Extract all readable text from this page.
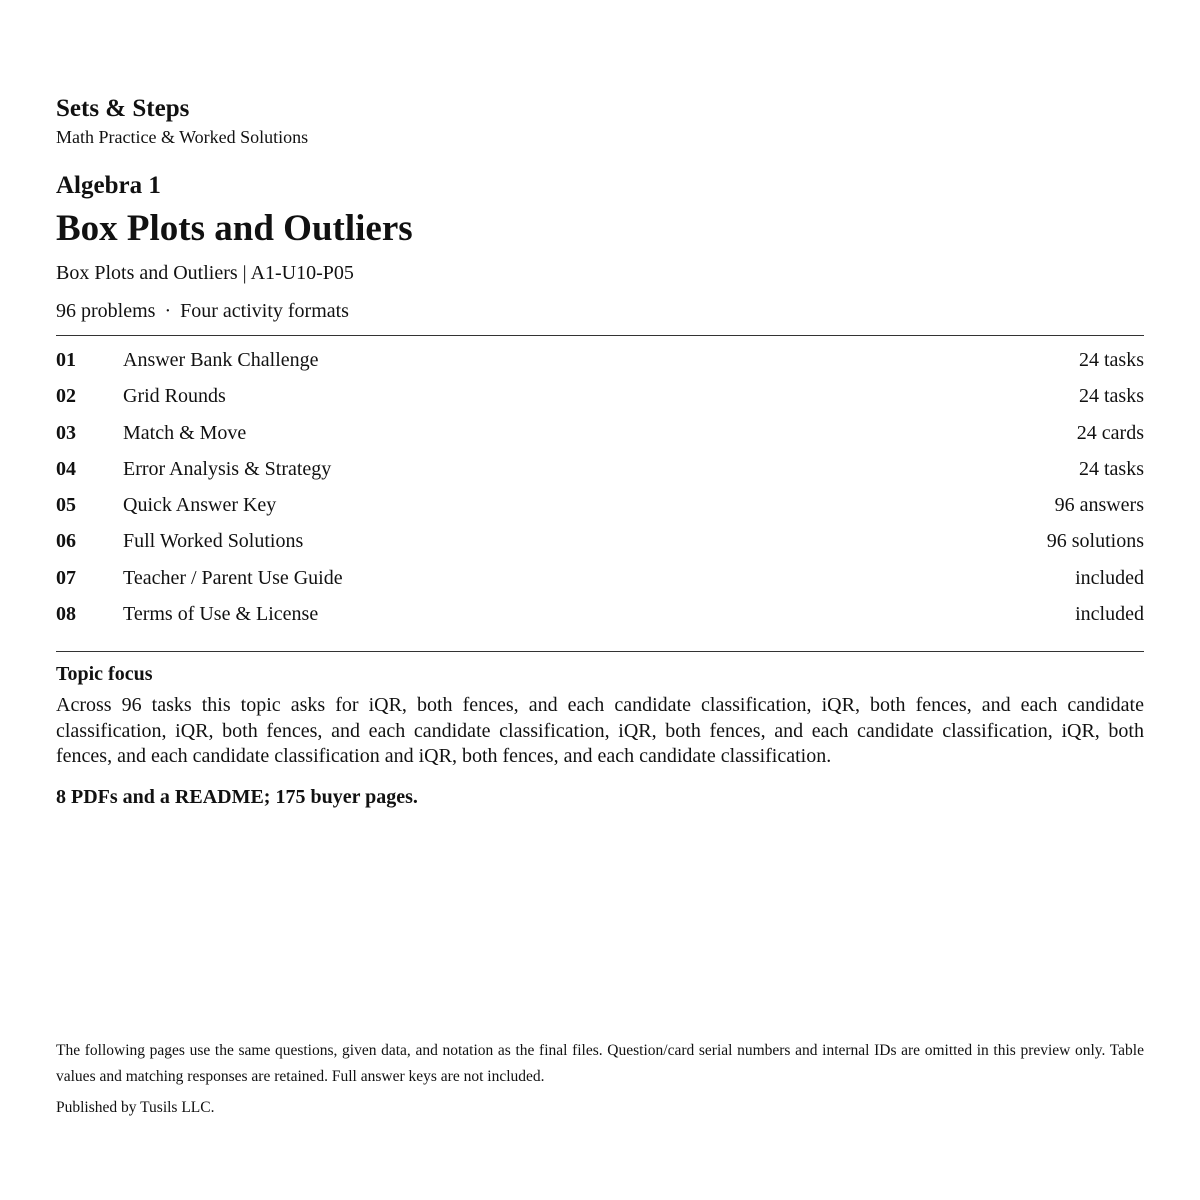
Sets & Steps
Math Practice & Worked Solutions
Algebra 1
Box Plots and Outliers
Box Plots and Outliers | A1-U10-P05
96 problems · Four activity formats
01 Answer Bank Challenge	24 tasks
02 Grid Rounds	24 tasks
03 Match & Move	24 cards
04 Error Analysis & Strategy	24 tasks
05 Quick Answer Key	96 answers
06 Full Worked Solutions	96 solutions
07 Teacher / Parent Use Guide	included
08 Terms of Use & License	included
Topic focus

Across 96 tasks this topic asks for iQR, both fences, and each candidate classification, iQR, both fences, and each candidate classification, iQR, both fences, and each candidate classification, iQR, both fences, and each candidate classification, iQR, both fences, and each candidate classification and iQR, both fences, and each candidate classification.

8 PDFs and a README; 175 buyer pages.

The following pages use the same questions, given data, and notation as the final files. Question/card serial numbers and internal IDs are omitted in this preview only. Table values and matching responses are retained. Full answer keys are not included.

Published by Tusils LLC.
